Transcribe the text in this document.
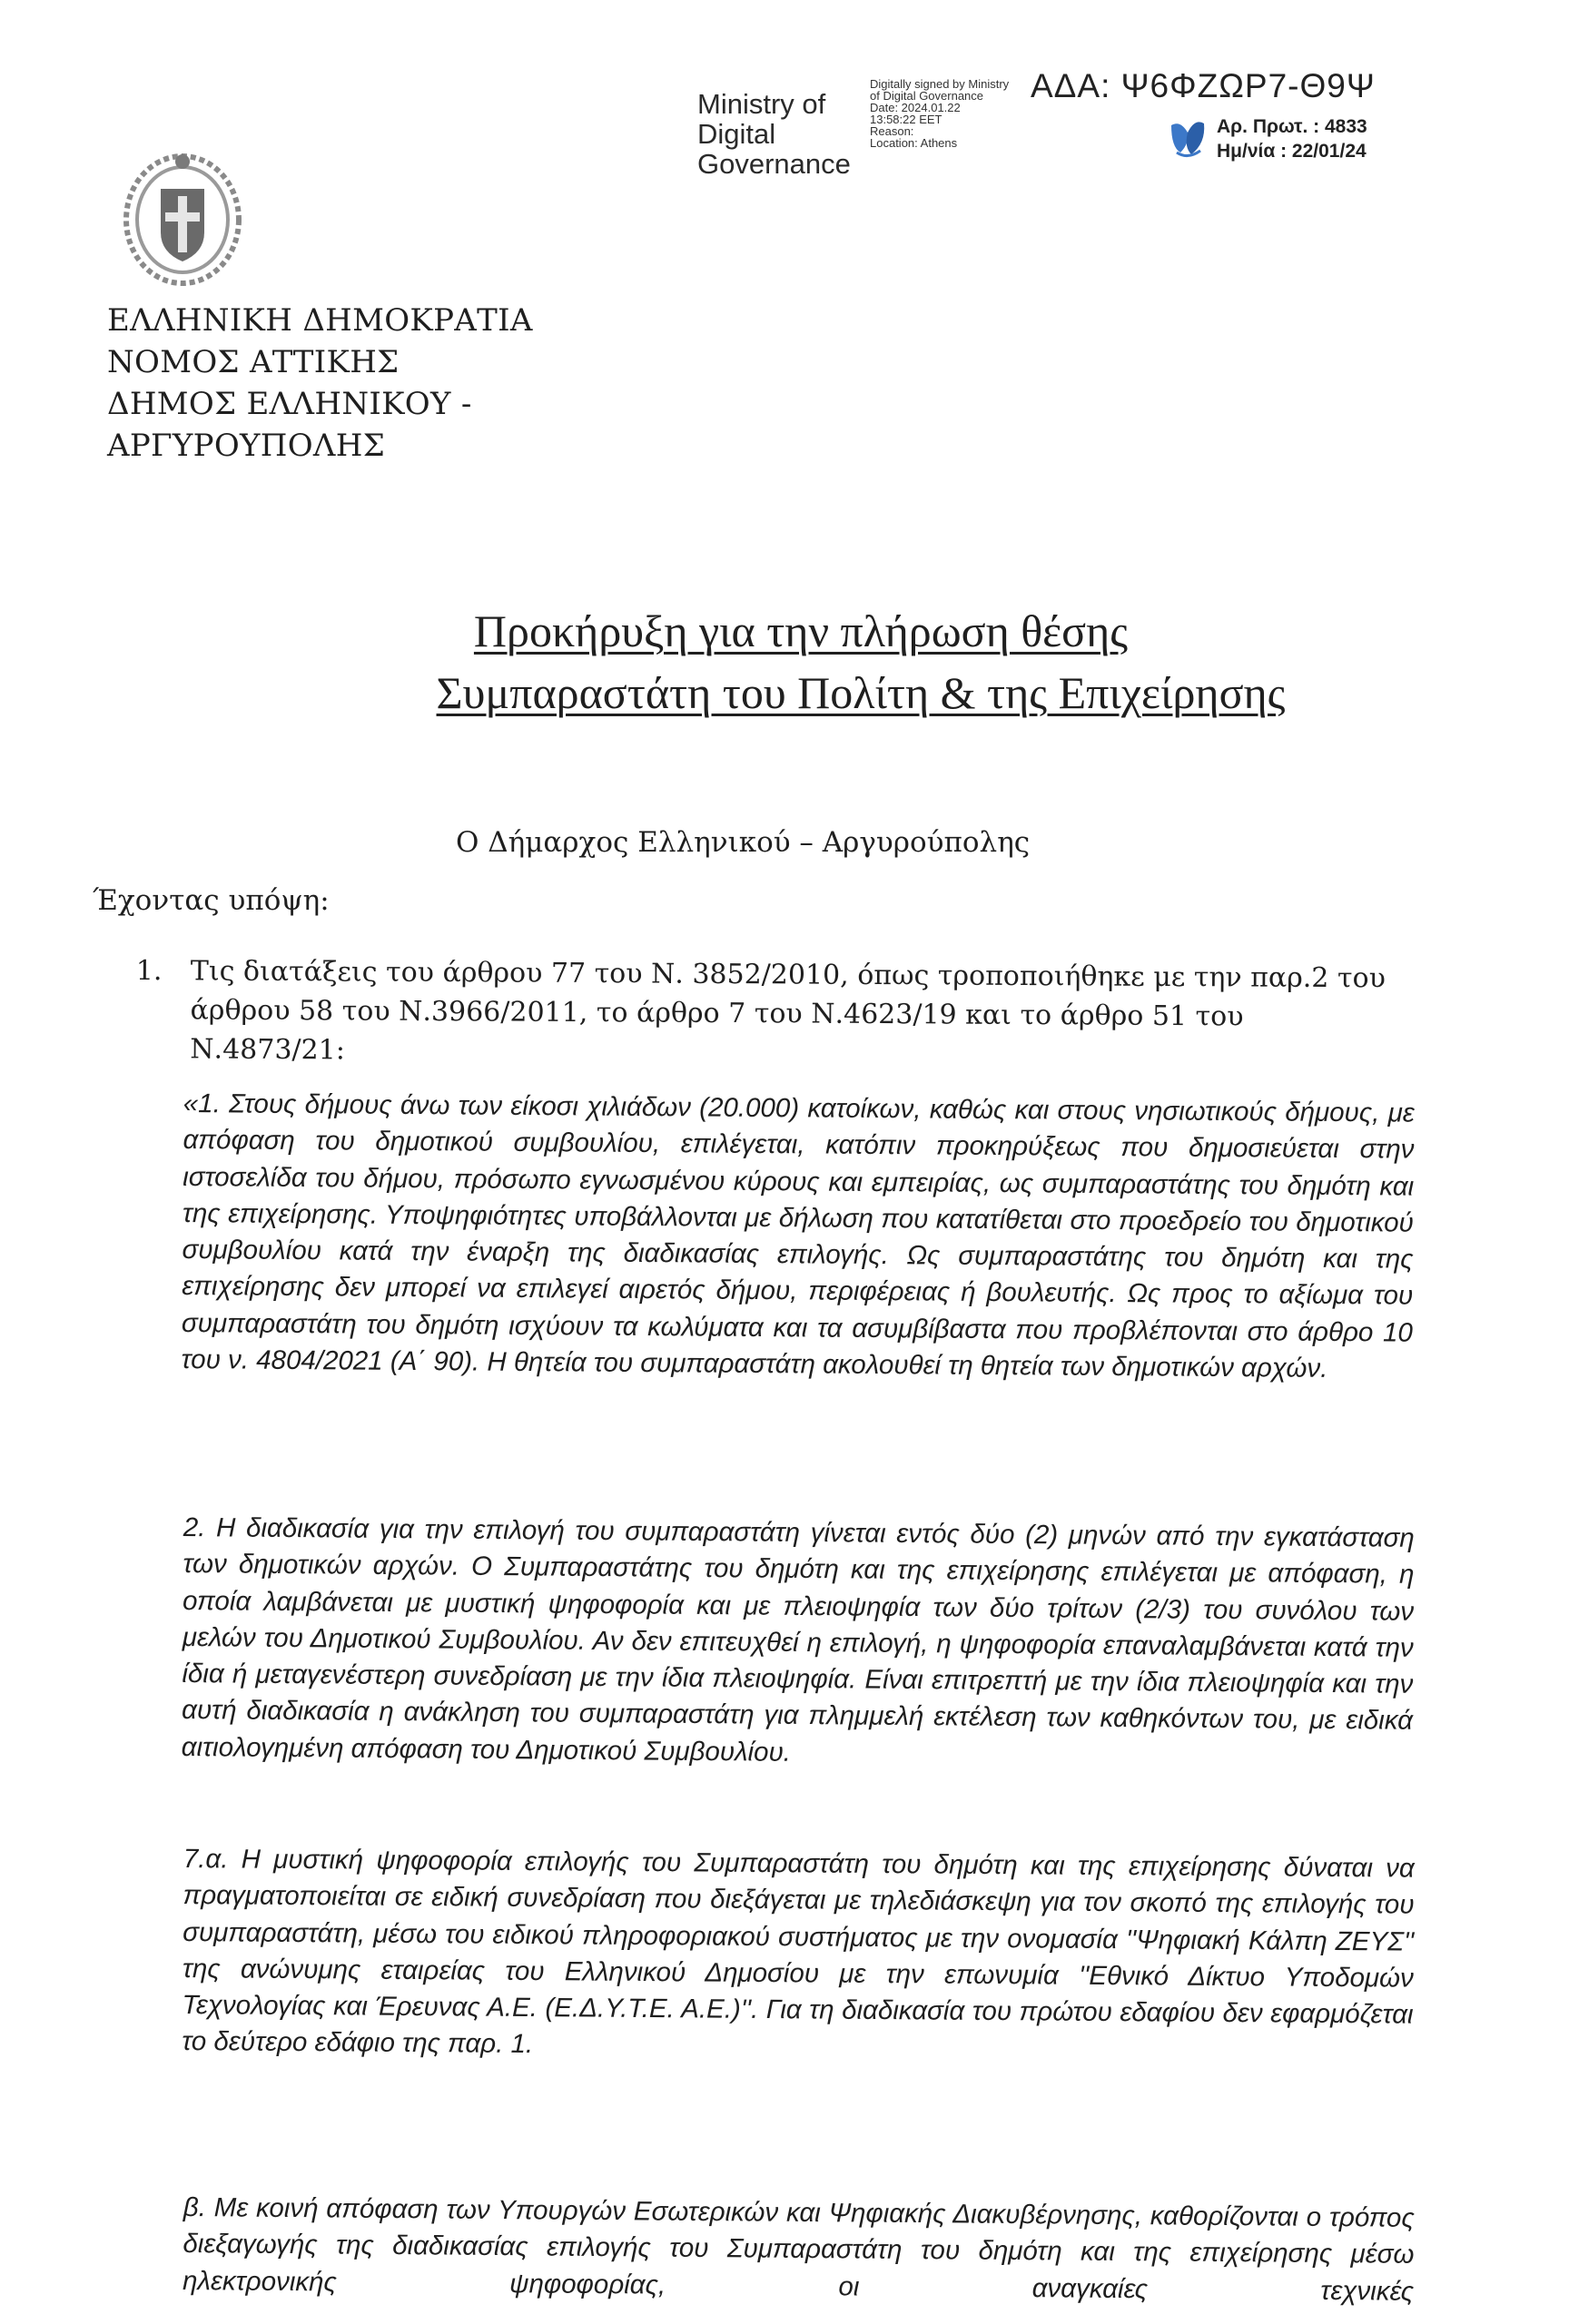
Ministry of Digital Governance
Digitally signed by Ministry
of Digital Governance
Date: 2024.01.22
13:58:22 EET
Reason:
Location: Athens
ΑΔΑ: Ψ6ΦΖΩΡ7-Θ9Ψ
Αρ. Πρωτ. : 4833
Ημ/νία : 22/01/24
ΕΛΛΗΝΙΚΗ ΔΗΜΟΚΡΑΤΙΑ
ΝΟΜΟΣ ΑΤΤΙΚΗΣ
ΔΗΜΟΣ ΕΛΛΗΝΙΚΟΥ -
ΑΡΓΥΡΟΥΠΟΛΗΣ
Προκήρυξη για την πλήρωση θέσης
Συμπαραστάτη του Πολίτη & της Επιχείρησης
Ο Δήμαρχος Ελληνικού – Αργυρούπολης
Έχοντας υπόψη:
1. Τις διατάξεις του άρθρου 77 του Ν. 3852/2010, όπως τροποποιήθηκε με την παρ.2 του άρθρου 58 του Ν.3966/2011, το άρθρο 7 του Ν.4623/19 και το άρθρο 51 του Ν.4873/21:
«1. Στους δήμους άνω των είκοσι χιλιάδων (20.000) κατοίκων, καθώς και στους νησιωτικούς δήμους, με απόφαση του δημοτικού συμβουλίου, επιλέγεται, κατόπιν προκηρύξεως που δημοσιεύεται στην ιστοσελίδα του δήμου, πρόσωπο εγνωσμένου κύρους και εμπειρίας, ως συμπαραστάτης του δημότη και της επιχείρησης. Υποψηφιότητες υποβάλλονται με δήλωση που κατατίθεται στο προεδρείο του δημοτικού συμβουλίου κατά την έναρξη της διαδικασίας επιλογής. Ως συμπαραστάτης του δημότη και της επιχείρησης δεν μπορεί να επιλεγεί αιρετός δήμου, περιφέρειας ή βουλευτής. Ως προς το αξίωμα του συμπαραστάτη του δημότη ισχύουν τα κωλύματα και τα ασυμβίβαστα που προβλέπονται στο άρθρο 10 του ν. 4804/2021 (Α΄ 90). Η θητεία του συμπαραστάτη ακολουθεί τη θητεία των δημοτικών αρχών.
2. Η διαδικασία για την επιλογή του συμπαραστάτη γίνεται εντός δύο (2) μηνών από την εγκατάσταση των δημοτικών αρχών. Ο Συμπαραστάτης του δημότη και της επιχείρησης επιλέγεται με απόφαση, η οποία λαμβάνεται με μυστική ψηφοφορία και με πλειοψηφία των δύο τρίτων (2/3) του συνόλου των μελών του Δημοτικού Συμβουλίου. Αν δεν επιτευχθεί η επιλογή, η ψηφοφορία επαναλαμβάνεται κατά την ίδια ή μεταγενέστερη συνεδρίαση με την ίδια πλειοψηφία. Είναι επιτρεπτή με την ίδια πλειοψηφία και την αυτή διαδικασία η ανάκληση του συμπαραστάτη για πλημμελή εκτέλεση των καθηκόντων του, με ειδικά αιτιολογημένη απόφαση του Δημοτικού Συμβουλίου.
7.α. Η μυστική ψηφοφορία επιλογής του Συμπαραστάτη του δημότη και της επιχείρησης δύναται να πραγματοποιείται σε ειδική συνεδρίαση που διεξάγεται με τηλεδιάσκεψη για τον σκοπό της επιλογής του συμπαραστάτη, μέσω του ειδικού πληροφοριακού συστήματος με την ονομασία ''Ψηφιακή Κάλπη ΖΕΥΣ'' της ανώνυμης εταιρείας του Ελληνικού Δημοσίου με την επωνυμία ''Εθνικό Δίκτυο Υποδομών Τεχνολογίας και Έρευνας Α.Ε. (Ε.Δ.Υ.Τ.Ε. Α.Ε.)''. Για τη διαδικασία του πρώτου εδαφίου δεν εφαρμόζεται το δεύτερο εδάφιο της παρ. 1.
β. Με κοινή απόφαση των Υπουργών Εσωτερικών και Ψηφιακής Διακυβέρνησης, καθορίζονται ο τρόπος διεξαγωγής της διαδικασίας επιλογής του Συμπαραστάτη του δημότη και της επιχείρησης μέσω ηλεκτρονικής ψηφοφορίας, οι αναγκαίες τεχνικές
